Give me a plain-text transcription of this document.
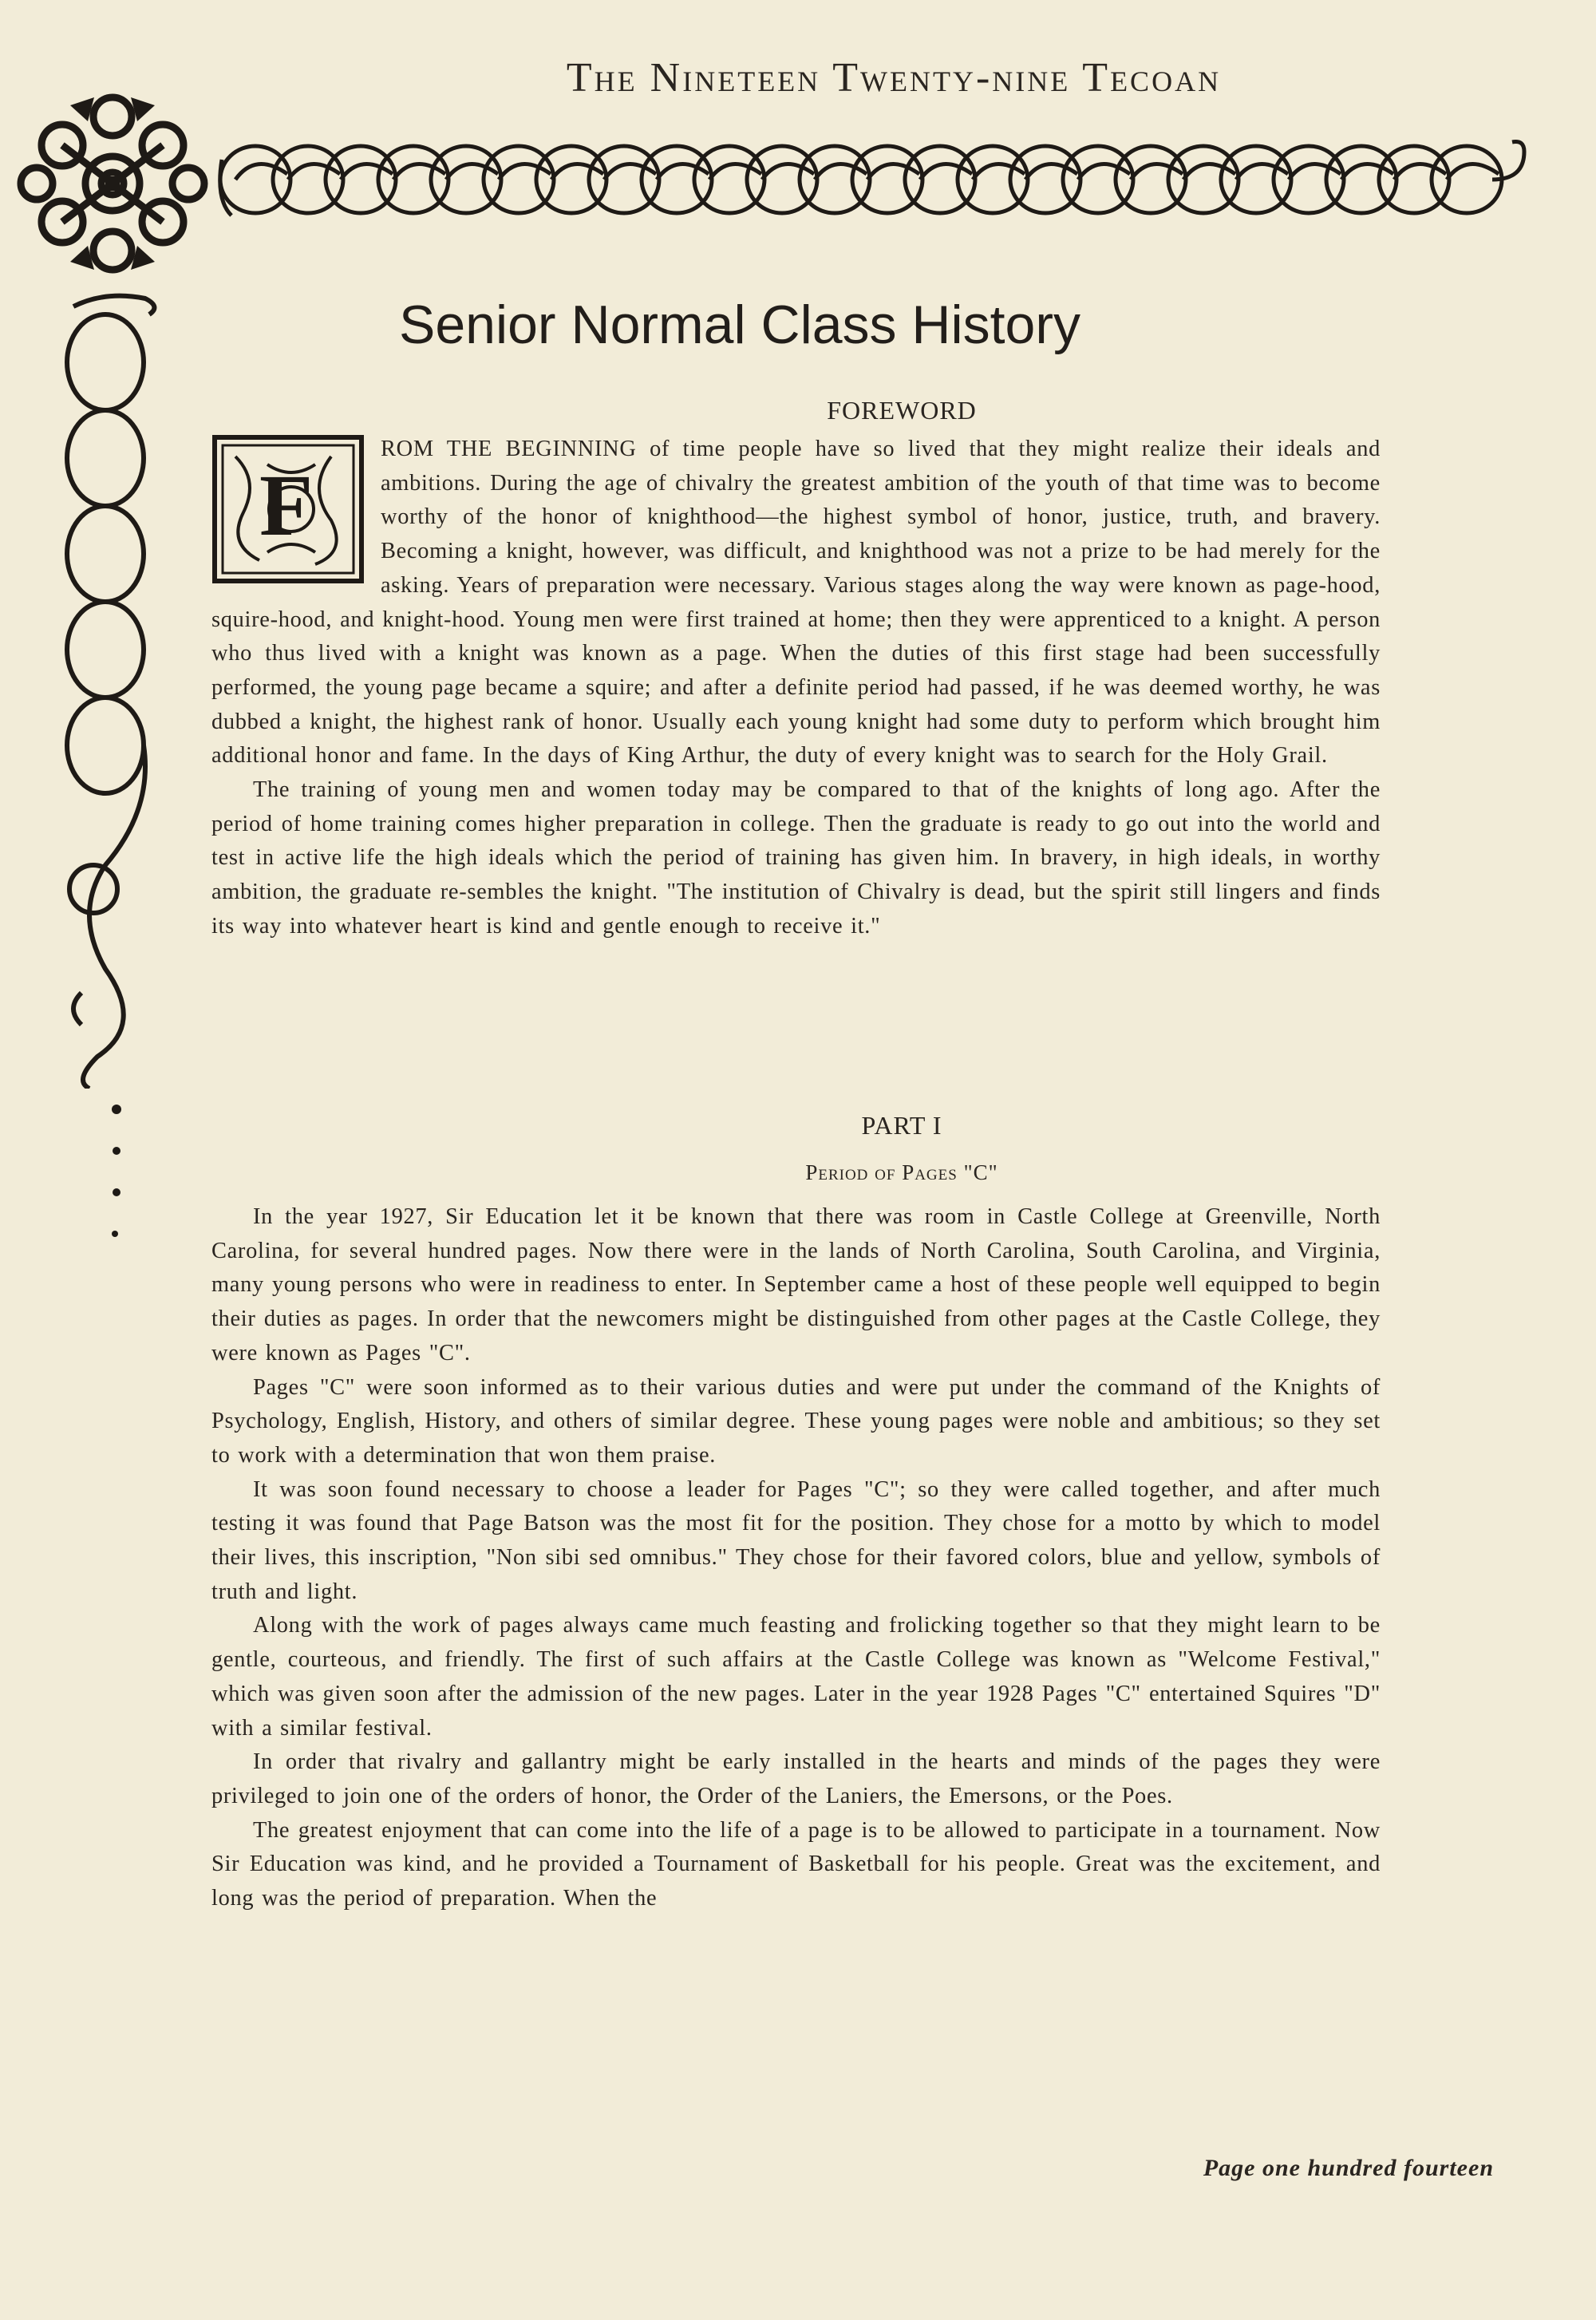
The Nineteen Twenty-nine Tecoan
Senior Normal Class History
FOREWORD
F

ROM THE BEGINNING of time people have so lived that they might realize their ideals and ambitions. During the age of chivalry the greatest ambition of the youth of that time was to become worthy of the honor of knighthood—the highest symbol of honor, justice, truth, and bravery. Becoming a knight, however, was difficult, and knighthood was not a prize to be had merely for the asking. Years of preparation were necessary. Various stages along the way were known as page-hood, squire-hood, and knight-hood. Young men were first trained at home; then they were apprenticed to a knight. A person who thus lived with a knight was known as a page. When the duties of this first stage had been successfully performed, the young page became a squire; and after a definite period had passed, if he was deemed worthy, he was dubbed a knight, the highest rank of honor. Usually each young knight had some duty to perform which brought him additional honor and fame. In the days of King Arthur, the duty of every knight was to search for the Holy Grail.

The training of young men and women today may be compared to that of the knights of long ago. After the period of home training comes higher preparation in college. Then the graduate is ready to go out into the world and test in active life the high ideals which the period of training has given him. In bravery, in high ideals, in worthy ambition, the graduate re-sembles the knight. "The institution of Chivalry is dead, but the spirit still lingers and finds its way into whatever heart is kind and gentle enough to receive it."

PART I
Period of Pages "C"

In the year 1927, Sir Education let it be known that there was room in Castle College at Greenville, North Carolina, for several hundred pages. Now there were in the lands of North Carolina, South Carolina, and Virginia, many young persons who were in readiness to enter. In September came a host of these people well equipped to begin their duties as pages. In order that the newcomers might be distinguished from other pages at the Castle College, they were known as Pages "C".

Pages "C" were soon informed as to their various duties and were put under the command of the Knights of Psychology, English, History, and others of similar degree. These young pages were noble and ambitious; so they set to work with a determination that won them praise.

It was soon found necessary to choose a leader for Pages "C"; so they were called together, and after much testing it was found that Page Batson was the most fit for the position. They chose for a motto by which to model their lives, this inscription, "Non sibi sed omnibus." They chose for their favored colors, blue and yellow, symbols of truth and light.

Along with the work of pages always came much feasting and frolicking together so that they might learn to be gentle, courteous, and friendly. The first of such affairs at the Castle College was known as "Welcome Festival," which was given soon after the admission of the new pages. Later in the year 1928 Pages "C" entertained Squires "D" with a similar festival.

In order that rivalry and gallantry might be early installed in the hearts and minds of the pages they were privileged to join one of the orders of honor, the Order of the Laniers, the Emersons, or the Poes.

The greatest enjoyment that can come into the life of a page is to be allowed to participate in a tournament. Now Sir Education was kind, and he provided a Tournament of Basketball for his people. Great was the excitement, and long was the period of preparation. When the

Page one hundred fourteen
